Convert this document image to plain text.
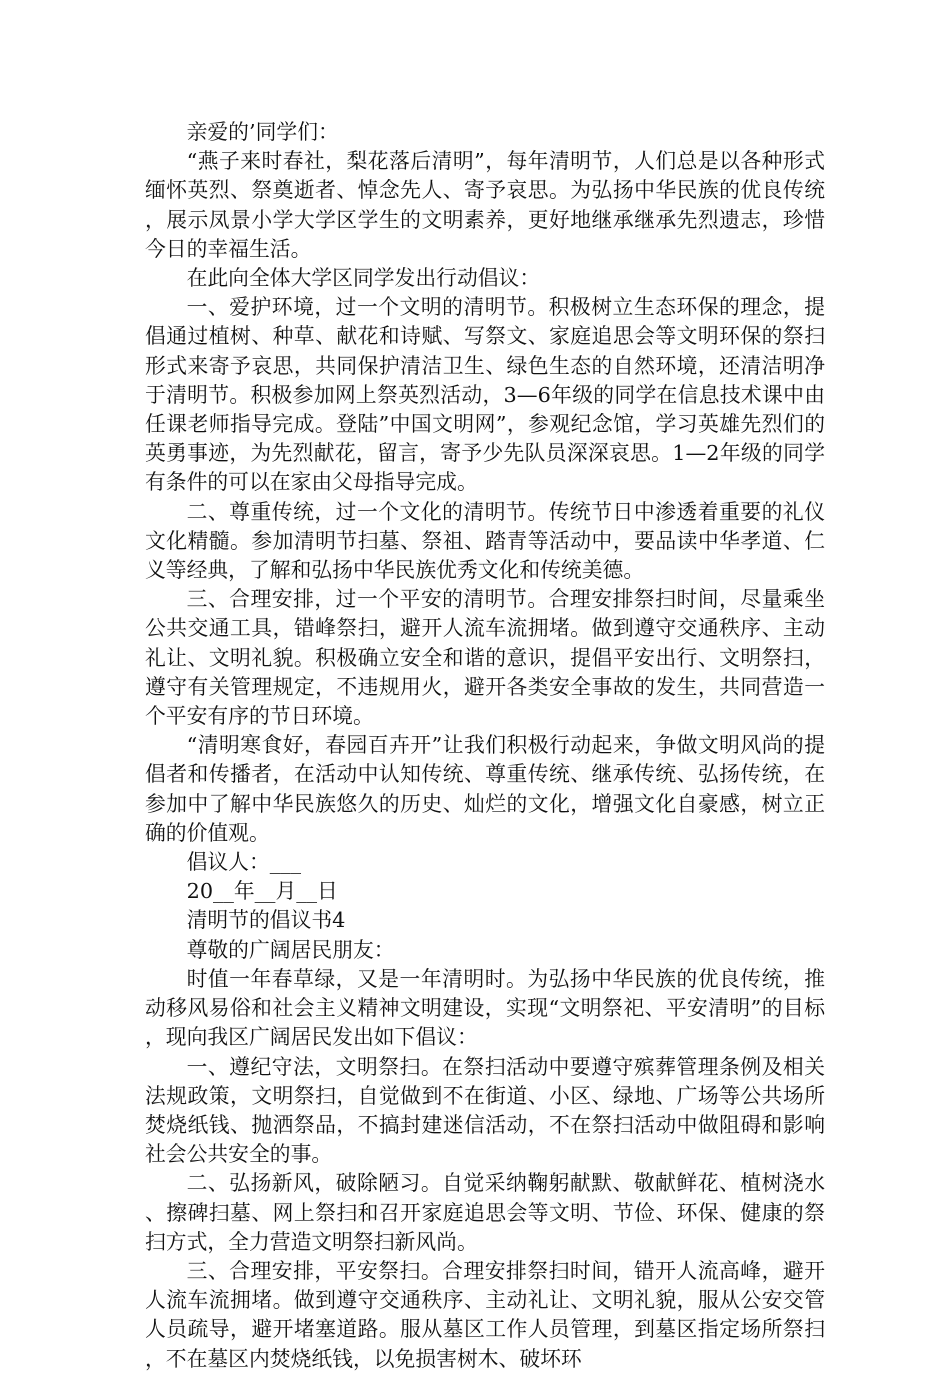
亲爱的’同学们：

“燕子来时春社，梨花落后清明”，每年清明节，人们总是以各种形式缅怀英烈、祭奠逝者、悼念先人、寄予哀思。为弘扬中华民族的优良传统，展示凤景小学大学区学生的文明素养，更好地继承继承先烈遗志，珍惜今日的幸福生活。

在此向全体大学区同学发出行动倡议：

一、爱护环境，过一个文明的清明节。积极树立生态环保的理念，提倡通过植树、种草、献花和诗赋、写祭文、家庭追思会等文明环保的祭扫形式来寄予哀思，共同保护清洁卫生、绿色生态的自然环境，还清洁明净于清明节。积极参加网上祭英烈活动，3—6年级的同学在信息技术课中由任课老师指导完成。登陆”中国文明网”，参观纪念馆，学习英雄先烈们的英勇事迹，为先烈献花，留言，寄予少先队员深深哀思。1—2年级的同学有条件的可以在家由父母指导完成。

二、尊重传统，过一个文化的清明节。传统节日中渗透着重要的礼仪文化精髓。参加清明节扫墓、祭祖、踏青等活动中，要品读中华孝道、仁义等经典，了解和弘扬中华民族优秀文化和传统美德。

三、合理安排，过一个平安的清明节。合理安排祭扫时间，尽量乘坐公共交通工具，错峰祭扫，避开人流车流拥堵。做到遵守交通秩序、主动礼让、文明礼貌。积极确立安全和谐的意识，提倡平安出行、文明祭扫，遵守有关管理规定，不违规用火，避开各类安全事故的发生，共同营造一个平安有序的节日环境。

“清明寒食好，春园百卉开”让我们积极行动起来，争做文明风尚的提倡者和传播者，在活动中认知传统、尊重传统、继承传统、弘扬传统，在参加中了解中华民族悠久的历史、灿烂的文化，增强文化自豪感，树立正确的价值观。

倡议人：___

20__年__月__日

清明节的倡议书4

尊敬的广阔居民朋友：

时值一年春草绿，又是一年清明时。为弘扬中华民族的优良传统，推动移风易俗和社会主义精神文明建设，实现“文明祭祀、平安清明”的目标，现向我区广阔居民发出如下倡议：

一、遵纪守法，文明祭扫。在祭扫活动中要遵守殡葬管理条例及相关法规政策，文明祭扫，自觉做到不在街道、小区、绿地、广场等公共场所焚烧纸钱、抛洒祭品，不搞封建迷信活动，不在祭扫活动中做阻碍和影响社会公共安全的事。

二、弘扬新风，破除陋习。自觉采纳鞠躬献默、敬献鲜花、植树浇水、擦碑扫墓、网上祭扫和召开家庭追思会等文明、节俭、环保、健康的祭扫方式，全力营造文明祭扫新风尚。

三、合理安排，平安祭扫。合理安排祭扫时间，错开人流高峰，避开人流车流拥堵。做到遵守交通秩序、主动礼让、文明礼貌，服从公安交管人员疏导，避开堵塞道路。服从墓区工作人员管理，到墓区指定场所祭扫，不在墓区内焚烧纸钱，以免损害树木、破坏环
